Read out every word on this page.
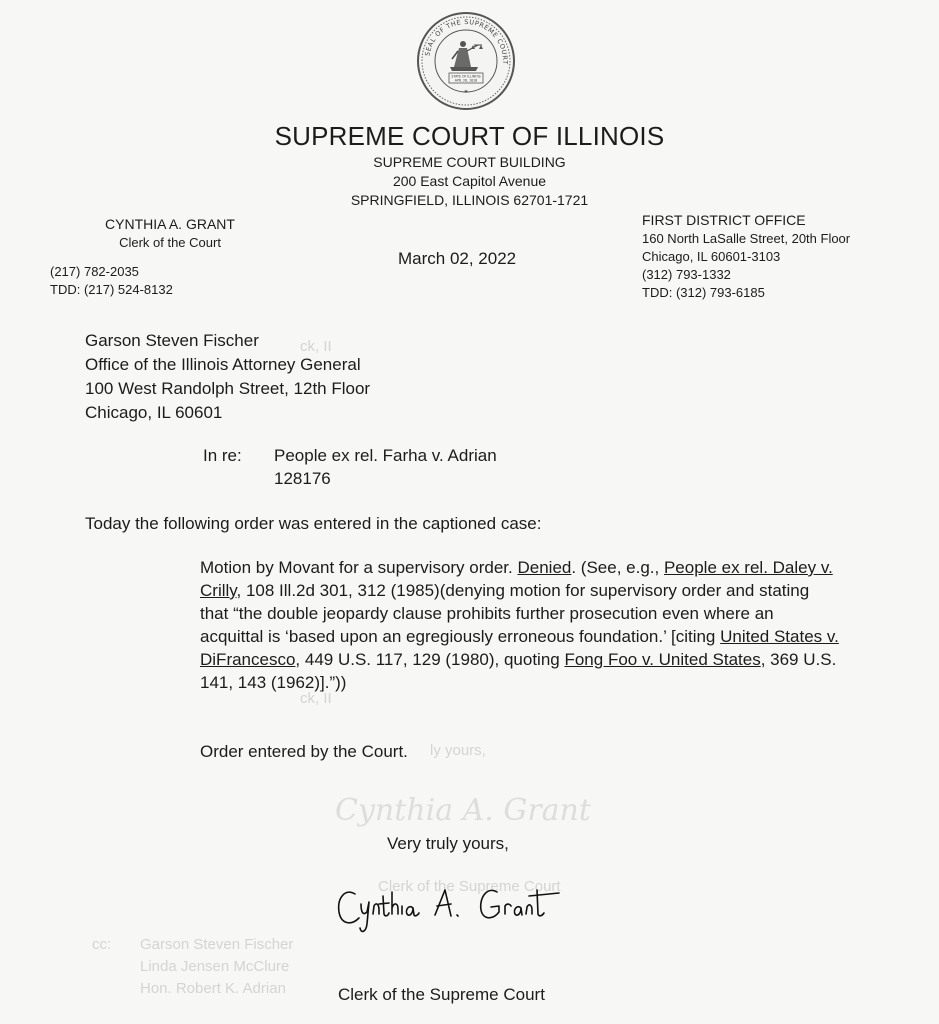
ck, II
ck, II
ly yours,
Cynthia A. Grant
Clerk of the Supreme Court
cc: Garson Steven Fischer
Linda Jensen McClure
Hon. Robert K. Adrian
SEAL OF THE SUPREME COURT
STATE OF ILLINOIS
APR. 26, 1818
★
SUPREME COURT OF ILLINOIS
SUPREME COURT BUILDING
200 East Capitol Avenue
SPRINGFIELD, ILLINOIS 62701-1721
CYNTHIA A. GRANT
Clerk of the Court
(217) 782-2035
TDD: (217) 524-8132
March 02, 2022
FIRST DISTRICT OFFICE
160 North LaSalle Street, 20th Floor
Chicago, IL 60601-3103
(312) 793-1332
TDD: (312) 793-6185
Garson Steven Fischer
Office of the Illinois Attorney General
100 West Randolph Street, 12th Floor
Chicago, IL 60601
In re: People ex rel. Farha v. Adrian
128176
Today the following order was entered in the captioned case:
Motion by Movant for a supervisory order. Denied. (See, e.g., People ex rel. Daley v. Crilly, 108 Ill.2d 301, 312 (1985)(denying motion for supervisory order and stating that “the double jeopardy clause prohibits further prosecution even where an acquittal is ‘based upon an egregiously erroneous foundation.’ [citing United States v. DiFrancesco, 449 U.S. 117, 129 (1980), quoting Fong Foo v. United States, 369 U.S. 141, 143 (1962)].”))
Order entered by the Court.
Very truly yours,
Clerk of the Supreme Court
